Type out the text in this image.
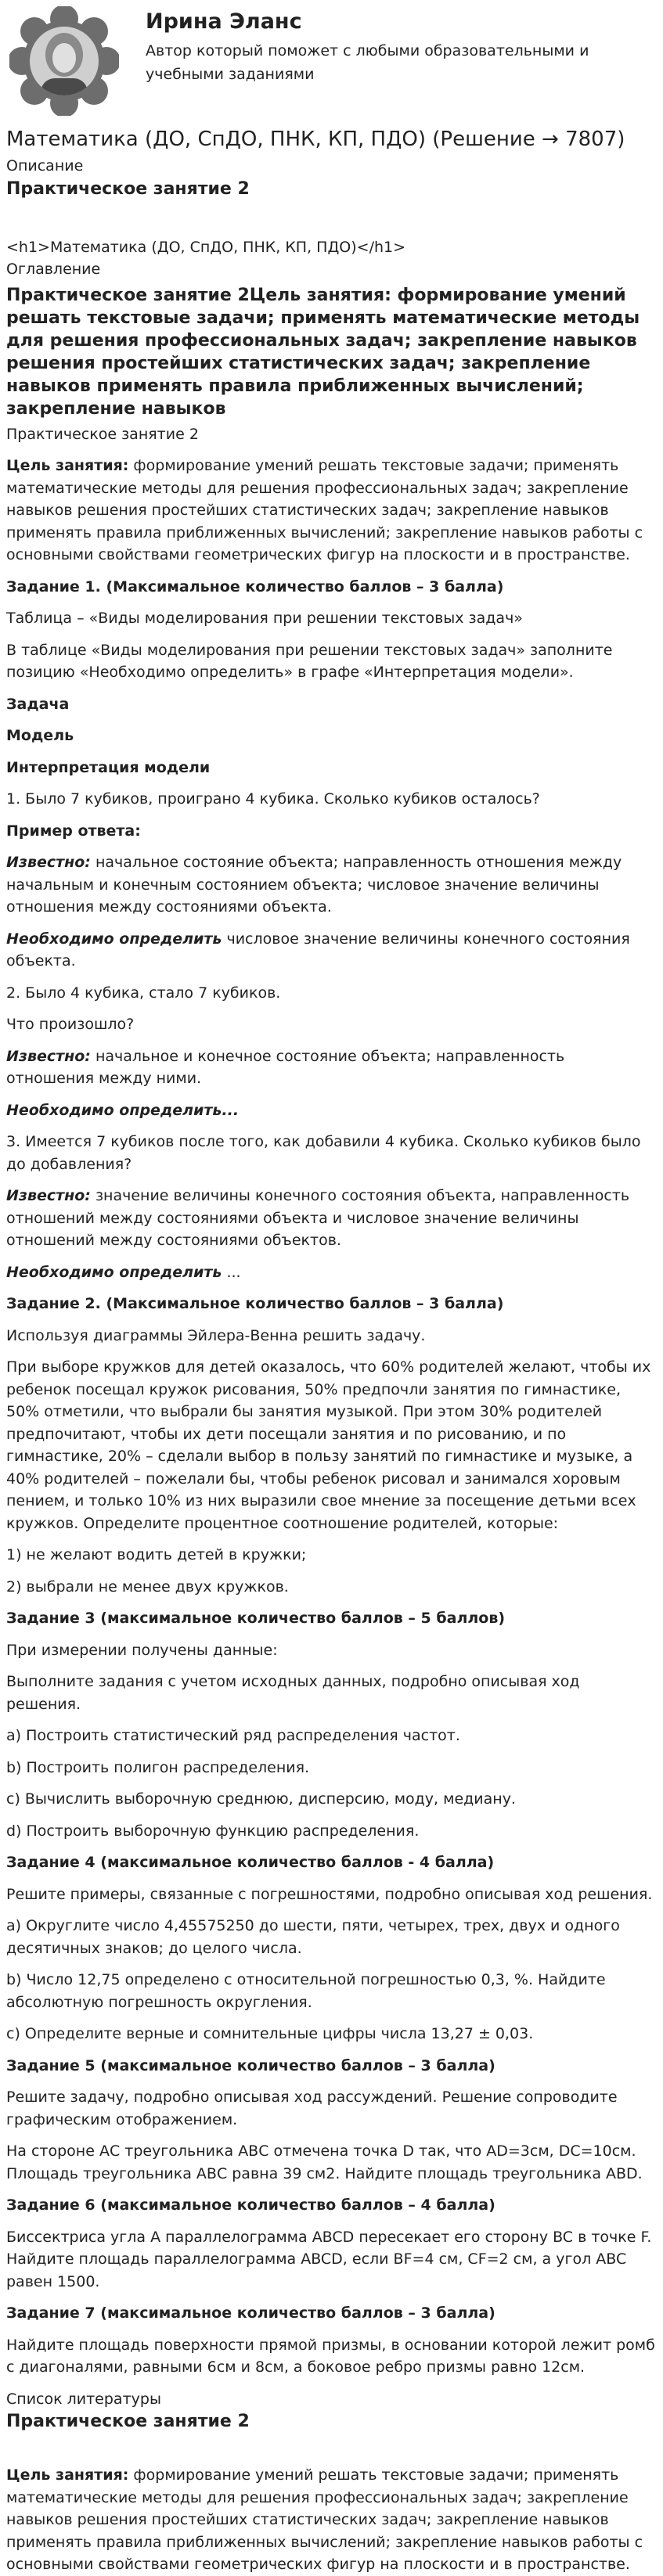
Ирина Эланс

Автор который поможет с любыми образовательными и учебными заданиями

Математика (ДО, СпДО, ПНК, КП, ПДО) (Решение → 7807)
Описание
Практическое занятие 2
<h1>Математика (ДО, СпДО, ПНК, КП, ПДО)</h1>
Оглавление
Практическое занятие 2Цель занятия: формирование умений решать текстовые задачи; применять математические методы для решения профессиональных задач; закрепление навыков решения простейших статистических задач; закрепление навыков применять правила приближенных вычислений; закрепление навыков

Практическое занятие 2

Цель занятия: формирование умений решать текстовые задачи; применять математические методы для решения профессиональных задач; закрепление навыков решения простейших статистических задач; закрепление навыков применять правила приближенных вычислений; закрепление навыков работы с основными свойствами геометрических фигур на плоскости и в пространстве.

Задание 1. (Максимальное количество баллов – 3 балла)

Таблица – «Виды моделирования при решении текстовых задач»

В таблице «Виды моделирования при решении текстовых задач» заполните позицию «Необходимо определить» в графе «Интерпретация модели».

Задача

Модель

Интерпретация модели

1. Было 7 кубиков, проиграно 4 кубика. Сколько кубиков осталось?

Пример ответа:

Известно: начальное состояние объекта; направленность отношения между начальным и конечным состоянием объекта; числовое значение величины отношения между состояниями объекта.

Необходимо определить числовое значение величины конечного состояния объекта.

2. Было 4 кубика, стало 7 кубиков.

Что произошло?

Известно: начальное и конечное состояние объекта; направленность отношения между ними.

Необходимо определить...

3. Имеется 7 кубиков после того, как добавили 4 кубика. Сколько кубиков было до добавления?

Известно: значение величины конечного состояния объекта, направленность отношений между состояниями объекта и числовое значение величины отношений между состояниями объектов.

Необходимо определить ...

Задание 2. (Максимальное количество баллов – 3 балла)

Используя диаграммы Эйлера-Венна решить задачу.

При выборе кружков для детей оказалось, что 60% родителей желают, чтобы их ребенок посещал кружок рисования, 50% предпочли занятия по гимнастике, 50% отметили, что выбрали бы занятия музыкой. При этом 30% родителей предпочитают, чтобы их дети посещали занятия и по рисованию, и по гимнастике, 20% – сделали выбор в пользу занятий по гимнастике и музыке, а 40% родителей – пожелали бы, чтобы ребенок рисовал и занимался хоровым пением, и только 10% из них выразили свое мнение за посещение детьми всех кружков. Определите процентное соотношение родителей, которые:

1) не желают водить детей в кружки;

2) выбрали не менее двух кружков.

Задание 3 (максимальное количество баллов – 5 баллов)

При измерении получены данные:

Выполните задания с учетом исходных данных, подробно описывая ход решения.

а) Построить статистический ряд распределения частот.

b) Построить полигон распределения.

c) Вычислить выборочную среднюю, дисперсию, моду, медиану.

d) Построить выборочную функцию распределения.

Задание 4 (максимальное количество баллов - 4 балла)

Решите примеры, связанные с погрешностями, подробно описывая ход решения.

а) Округлите число 4,45575250 до шести, пяти, четырех, трех, двух и одного десятичных знаков; до целого числа.

b) Число 12,75 определено с относительной погрешностью 0,3, %. Найдите абсолютную погрешность округления.

c) Определите верные и сомнительные цифры числа 13,27 ± 0,03.

Задание 5 (максимальное количество баллов – 3 балла)

Решите задачу, подробно описывая ход рассуждений. Решение сопроводите графическим отображением.

На стороне АС треугольника АВС отмечена точка D так, что AD=3см, DC=10см. Площадь треугольника АВС равна 39 см2. Найдите площадь треугольника ABD.

Задание 6 (максимальное количество баллов – 4 балла)

Биссектриса угла A параллелограмма ABCD пересекает его сторону BC в точке F. Найдите площадь параллелограмма ABCD, если BF=4 см, CF=2 см, а угол ABC равен 1500.

Задание 7 (максимальное количество баллов – 3 балла)

Найдите площадь поверхности прямой призмы, в основании которой лежит ромб с диагоналями, равными 6см и 8см, а боковое ребро призмы равно 12см.

Список литературы
Практическое занятие 2

Цель занятия: формирование умений решать текстовые задачи; применять математические методы для решения профессиональных задач; закрепление навыков решения простейших статистических задач; закрепление навыков применять правила приближенных вычислений; закрепление навыков работы с основными свойствами геометрических фигур на плоскости и в пространстве.
